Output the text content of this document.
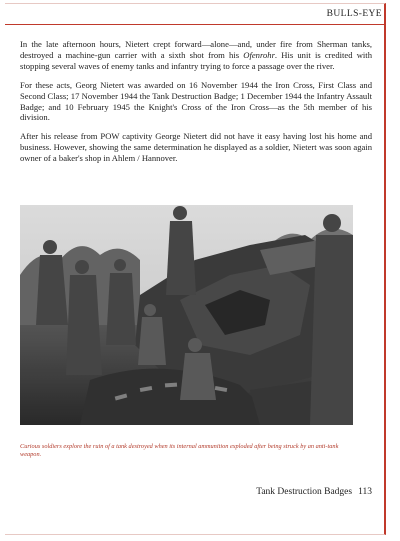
BULLS-EYE

In the late afternoon hours, Nietert crept forward—alone—and, under fire from Sherman tanks, destroyed a machine-gun carrier with a sixth shot from his Ofenrohr. His unit is credited with stopping several waves of enemy tanks and infantry trying to force a passage over the river.

For these acts, Georg Nietert was awarded on 16 November 1944 the Iron Cross, First Class and Second Class; 17 November 1944 the Tank Destruction Badge; 1 December 1944 the Infantry Assault Badge; and 10 February 1945 the Knight's Cross of the Iron Cross—as the 5th member of his division.

After his release from POW captivity George Nietert did not have it easy having lost his home and business. However, showing the same determination he displayed as a soldier, Nietert was soon again owner of a baker's shop in Ahlem / Hannover.

Curious soldiers explore the ruin of a tank destroyed when its internal ammunition exploded after being struck by an anti-tank weapon.
Tank Destruction Badges 113
